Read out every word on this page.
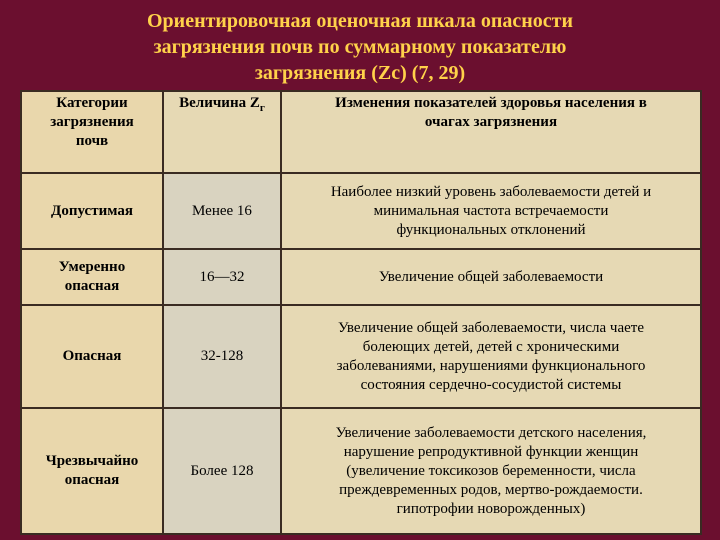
Ориентировочная оценочная шкала опасности
загрязнения почв по суммарному показателю
загрязнения (Zc) (7, 29)
Категории
загрязнения
почв	Величина $Z_г$	Изменения показателей здоровья населения в
очагах загрязнения

Допустимая	Менее 16	Наиболее низкий уровень заболеваемости детей и
минимальная частота встречаемости
функциональных отклонений

Умеренно
опасная	16—32	Увеличение общей заболеваемости
Опасная	32-128	Увеличение общей заболеваемости, числа чаете
болеющих детей, детей с хроническими
заболеваниями, нарушениями функционального
состояния сердечно-сосудистой системы

Чрезвычайно
опасная	Более 128	Увеличение заболеваемости детского населения,
нарушение репродуктивной функции женщин
(увеличение токсикозов беременности, числа
преждевременных родов, мертво-рождаемости.
гипотрофии новорожденных)
